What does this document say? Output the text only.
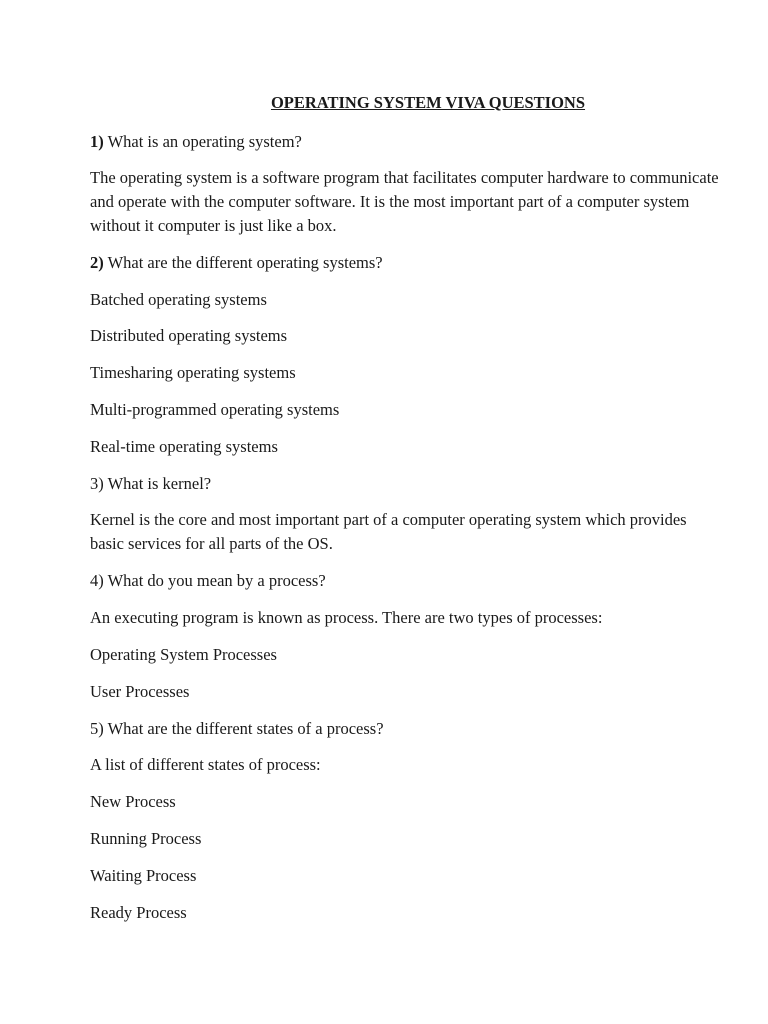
OPERATING SYSTEM VIVA QUESTIONS
1) What is an operating system?
The operating system is a software program that facilitates computer hardware to communicate
and operate with the computer software. It is the most important part of a computer system
without it computer is just like a box.
2) What are the different operating systems?
Batched operating systems
Distributed operating systems
Timesharing operating systems
Multi-programmed operating systems
Real-time operating systems
3) What is kernel?
Kernel is the core and most important part of a computer operating system which provides
basic services for all parts of the OS.
4) What do you mean by a process?
An executing program is known as process. There are two types of processes:
Operating System Processes
User Processes
5) What are the different states of a process?
A list of different states of process:
New Process
Running Process
Waiting Process
Ready Process
